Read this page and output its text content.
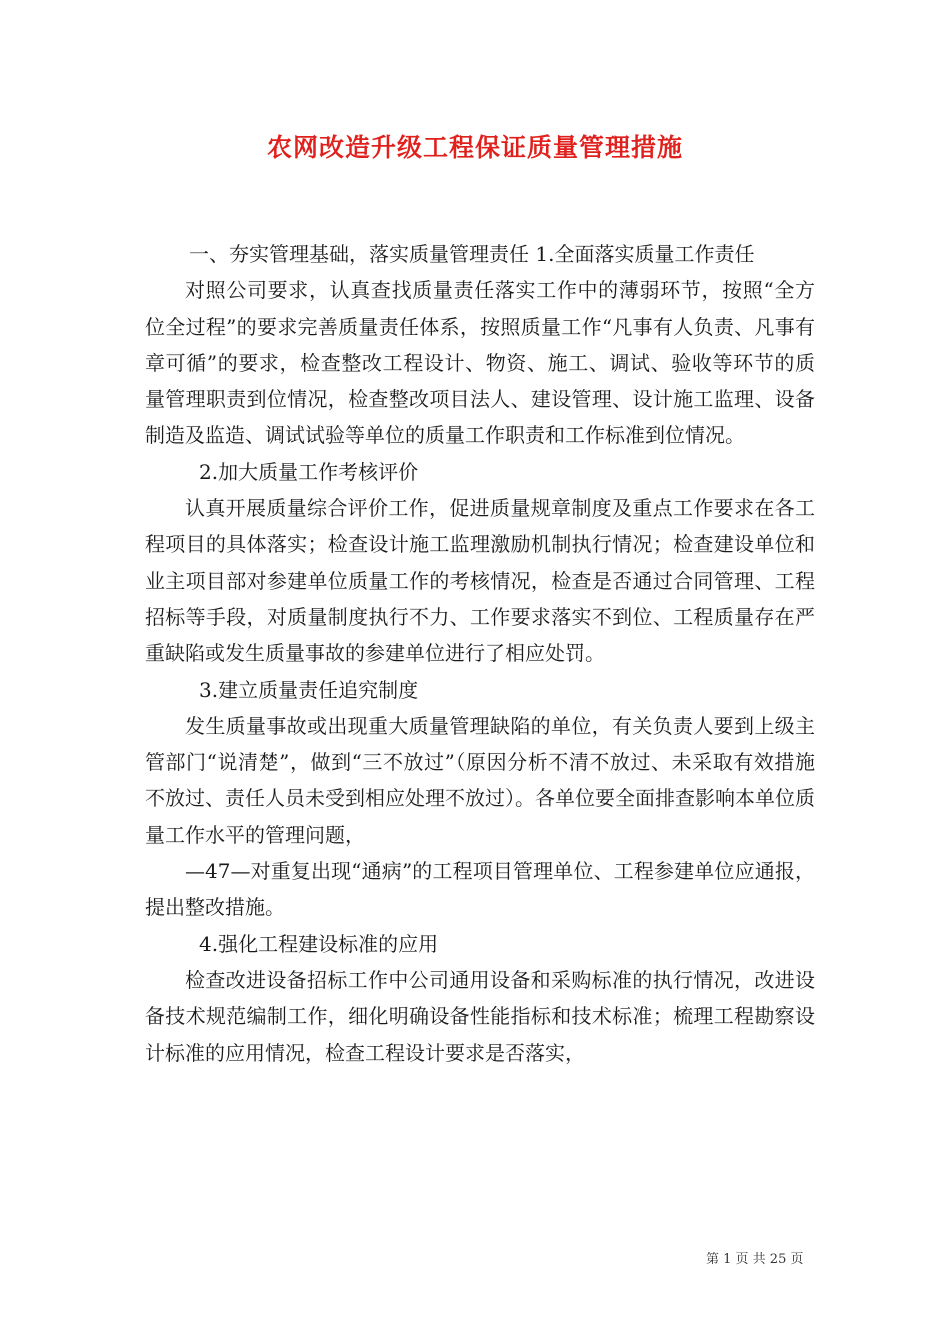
农网改造升级工程保证质量管理措施

一、夯实管理基础，落实质量管理责任 1.全面落实质量工作责任

对照公司要求，认真查找质量责任落实工作中的薄弱环节，按照“全方位全过程”的要求完善质量责任体系，按照质量工作“凡事有人负责、凡事有章可循”的要求，检查整改工程设计、物资、施工、调试、验收等环节的质量管理职责到位情况，检查整改项目法人、建设管理、设计施工监理、设备制造及监造、调试试验等单位的质量工作职责和工作标准到位情况。

2.加大质量工作考核评价

认真开展质量综合评价工作，促进质量规章制度及重点工作要求在各工程项目的具体落实；检查设计施工监理激励机制执行情况；检查建设单位和业主项目部对参建单位质量工作的考核情况，检查是否通过合同管理、工程招标等手段，对质量制度执行不力、工作要求落实不到位、工程质量存在严重缺陷或发生质量事故的参建单位进行了相应处罚。

3.建立质量责任追究制度

发生质量事故或出现重大质量管理缺陷的单位，有关负责人要到上级主管部门“说清楚”，做到“三不放过”（原因分析不清不放过、未采取有效措施不放过、责任人员未受到相应处理不放过）。各单位要全面排查影响本单位质量工作水平的管理问题，

—47—对重复出现“通病”的工程项目管理单位、工程参建单位应通报，提出整改措施。

4.强化工程建设标准的应用

检查改进设备招标工作中公司通用设备和采购标准的执行情况，改进设备技术规范编制工作，细化明确设备性能指标和技术标准；梳理工程勘察设计标准的应用情况，检查工程设计要求是否落实，

第 1 页 共 25 页
